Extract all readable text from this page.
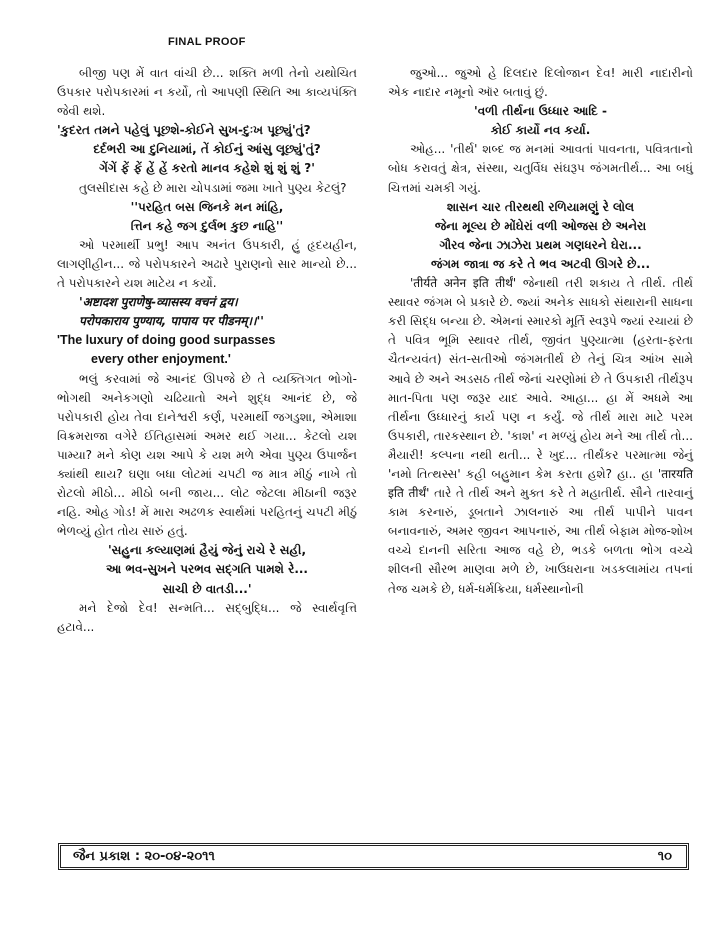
FINAL PROOF

બીજી પણ મેં વાત વાંચી છે... શક્તિ મળી તેનો યથોચિત ઉપકાર પરોપકારમાં ન કર્યો, તો આપણી સ્થિતિ આ કાવ્યપંક્તિ જેવી થશે.

'કુદરત તમને પહેલું પૂછશે-કોઈને સુખ-દુઃખ પૂછ્યું'તું?

દર્દભરી આ દુનિયામાં, તેં કોઈનું આંસુ લૂછ્યું'તું?

ગેંગેં ફેં ફેં હેં હેં કરતો માનવ કહેશે શું શું શું ?'

તુલસીદાસ કહે છે મારા ચોપડામાં જમા ખાતે પુણ્ય કેટલું?

''પરહિત બસ જિનકે મન માંહિ,

ત્તિન કહે જગ દુર્લભ કુછ નાહિ''

ઓ પરમાર્થી પ્રભુ! આપ અનંત ઉપકારી, હું હૃદયહીન, લાગણીહીન... જે પરોપકારને અઢારે પુરાણનો સાર માન્યો છે... તે પરોપકારને યશ માટેય ન કર્યો.

'अष्टादश पुराणेषु-व्यासस्य वचनं द्वय।

परोपकाराय पुण्याय, पापाय पर पीडनम्।।''

'The luxury of doing good surpasses

every other enjoyment.'

ભલું કરવામાં જે આનંદ ઊપજે છે તે વ્યક્તિગત ભોગો-ભોગથી અનેકગણો ચઢિયાતો અને શુદ્ધ આનંદ છે, જે પરોપકારી હોય તેવા દાનેશ્વરી કર્ણ, પરમાર્થી જગડુશા, એમાશા વિક્રમરાજા વગેરે ઈતિહાસમાં અમર થઈ ગયા... કેટલો યશ પામ્યા? મને કોણ યશ આપે કે યશ મળે એવા પુણ્ય ઉપાર્જન ક્યાંથી થાય? ઘણા બધા લોટમાં ચપટી જ માત્ર મીઠું નાખે તો રોટલો મીઠો... મીઠો બની જાય... લોટ જેટલા મીઠાની જરૂર નહિ. ઓહ ગોડ! મેં મારા અઢળક સ્વાર્થમાં પરહિતનું ચપટી મીઠું ભેળવ્યું હોત તોય સારું હતું.

'સહુના કલ્યાણમાં હૈયું જેનું રાચે રે સહી,

આ ભવ-સુખને પરભવ સદ્‌ગતિ પામશે રે...

સાચી છે વાતડી...'

મને દેજો દેવ! સન્મતિ... સદ્‌બુદ્ધિ... જે સ્વાર્થવૃત્તિ હટાવે...

જુઓ... જુઓ હે દિલદાર દિલોજાન દેવ! મારી નાદારીનો એક નાદાર નમૂનો ઑર બતાવું છું.

'વળી તીર્થના ઉધ્ધાર આદિ -

કોઈ કાર્યો નવ કર્યા.

ઓહ... 'તીર્થ' શબ્દ જ મનમાં આવતાં પાવનતા, પવિત્રતાનો બોધ કરાવતું ક્ષેત્ર, સંસ્થા, ચતુર્વિધ સંઘરૂપ જંગમતીર્થ... આ બધું ચિત્તમાં ચમકી ગયું.

શાસન ચાર તીરથથી રળિયામણું રે લોલ

જેના મૂલ્ય છે મોંઘેરાં વળી ઓજસ છે અનેરા

ગૌરવ જેના ઝાઝેરા પ્રથમ ગણધરને ઘેરા...

જંગમ જાત્રા જ કરે તે ભવ અટવી ઊગરે છે...

'तीर्यते अनेन इति तीर्थं' જેનાથી તરી શકાય તે તીર્થ. તીર્થ સ્થાવર જંગમ બે પ્રકારે છે. જ્યાં અનેક સાધકો સંથારાની સાધના કરી સિદ્ધ બન્યા છે. એમનાં સ્મારકો મૂર્તિ સ્વરૂપે જ્યાં રચાયાં છે તે પવિત્ર ભૂમિ સ્થાવર તીર્થ, જીવંત પુણ્યાત્મા (હરતા-ફરતા ચૈતન્યવંત) સંત-સતીઓ જંગમતીર્થ છે તેનું ચિત્ર આંખ સામે આવે છે અને અડસઠ તીર્થ જેનાં ચરણોમાં છે તે ઉપકારી તીર્થરૂપ માત-પિતા પણ જરૂર યાદ આવે. આહા... હા મેં અધમે આ તીર્થના ઉધ્ધારનું કાર્ય પણ ન કર્યું. જે તીર્થ મારા માટે પરમ ઉપકારી, તારકસ્થાન છે. 'કાશ' ન મળ્યું હોય મને આ તીર્થ તો... મૈયારી! કલ્પના નથી થતી... રે ખુદ... તીર્થંકર પરમાત્મા જેનું 'નમો તિત્થસ્સ' કહી બહુમાન કેમ કરતા હશે? હા.. હા 'तारयति इति तीर्थं' તારે તે તીર્થ અને મુક્ત કરે તે મહાતીર્થ. સૌને તારવાનું કામ કરનારું, ડૂબતાને ઝાલનારું આ તીર્થ પાપીને પાવન બનાવનારું, અમર જીવન આપનારું, આ તીર્થ બેફામ મોજ-શોખ વચ્ચે દાનની સરિતા આજ વહે છે, ભડકે બળતા ભોગ વચ્ચે શીલની સૌરભ માણવા મળે છે, ખાઉધરાના ખડકલામાંય તપનાં તેજ ચમકે છે, ધર્મ-ધર્મક્રિયા, ધર્મસ્થાનોની

જૈન પ્રકાશ : ૨૦-૦૪-૨૦૧૧	૧૦
